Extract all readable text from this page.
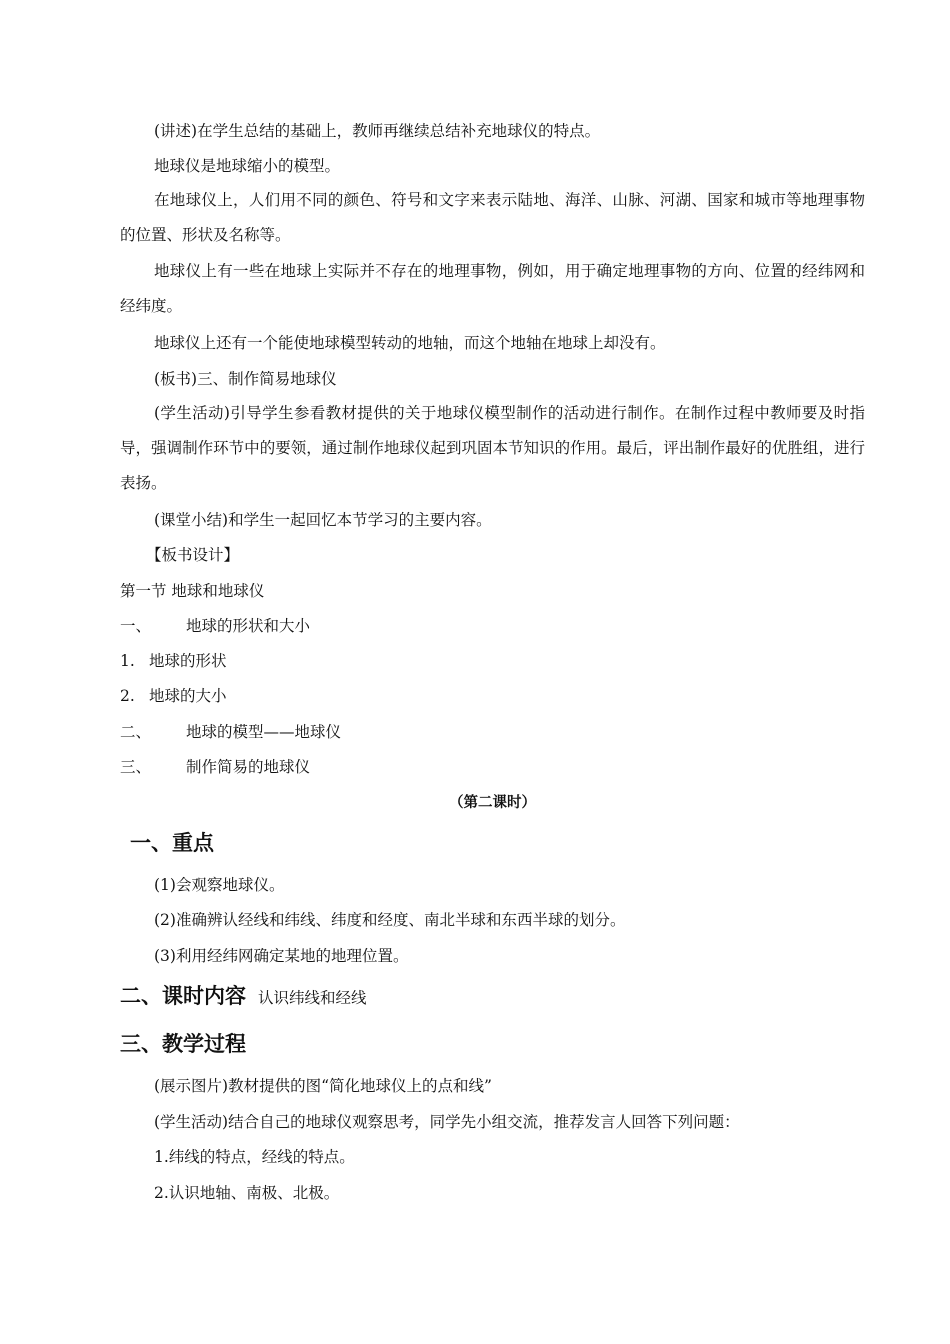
(讲述)在学生总结的基础上，教师再继续总结补充地球仪的特点。
地球仪是地球缩小的模型。
在地球仪上，人们用不同的颜色、符号和文字来表示陆地、海洋、山脉、河湖、国家和城市等地理事物的位置、形状及名称等。
地球仪上有一些在地球上实际并不存在的地理事物，例如，用于确定地理事物的方向、位置的经纬网和经纬度。
地球仪上还有一个能使地球模型转动的地轴，而这个地轴在地球上却没有。
(板书)三、制作简易地球仪
(学生活动)引导学生参看教材提供的关于地球仪模型制作的活动进行制作。在制作过程中教师要及时指导，强调制作环节中的要领，通过制作地球仪起到巩固本节知识的作用。最后，评出制作最好的优胜组，进行表扬。
(课堂小结)和学生一起回忆本节学习的主要内容。
【板书设计】
第一节 地球和地球仪
一、 地球的形状和大小
1. 地球的形状
2. 地球的大小
二、 地球的模型——地球仪
三、 制作简易的地球仪
（第二课时）
一、重点
(1)会观察地球仪。
(2)准确辨认经线和纬线、纬度和经度、南北半球和东西半球的划分。
(3)利用经纬网确定某地的地理位置。
二、课时内容 认识纬线和经线
三、教学过程
(展示图片)教材提供的图“简化地球仪上的点和线”
(学生活动)结合自己的地球仪观察思考，同学先小组交流，推荐发言人回答下列问题：
1.纬线的特点，经线的特点。
2.认识地轴、南极、北极。
